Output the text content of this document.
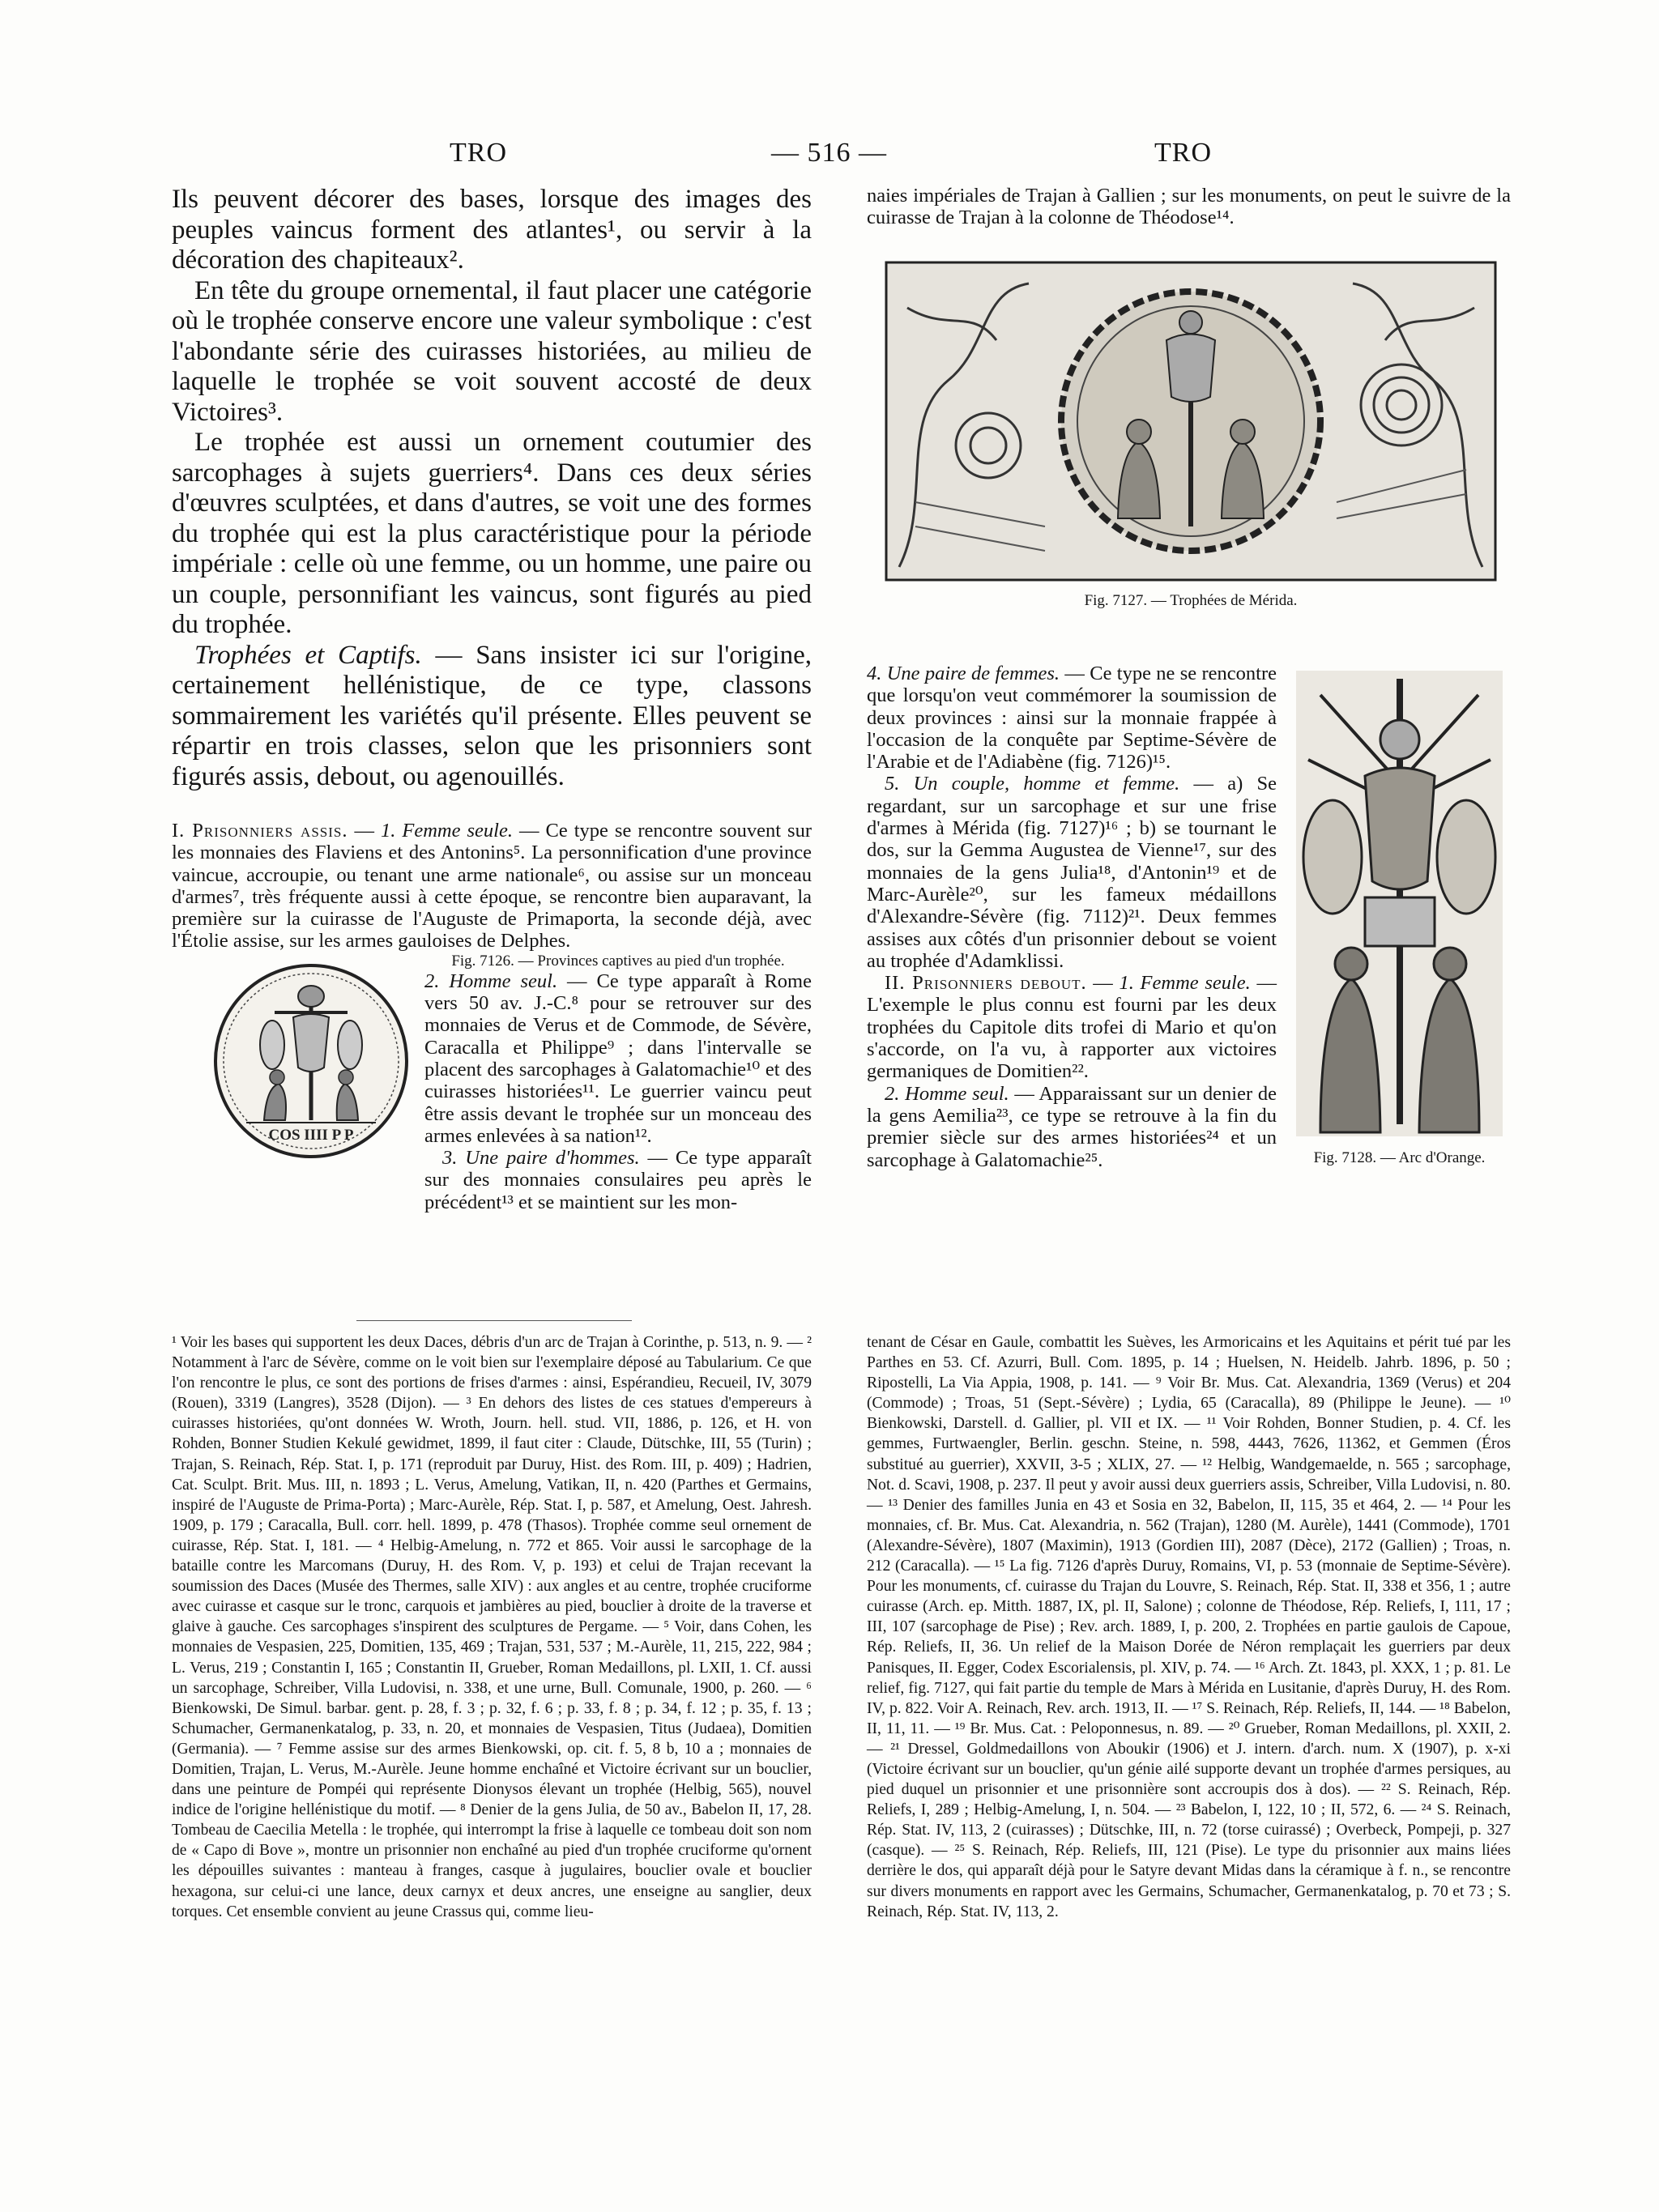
TRO	— 516 —	TRO

Ils peuvent décorer des bases, lorsque des images des peuples vaincus forment des atlantes¹, ou servir à la décoration des chapiteaux².

En tête du groupe ornemental, il faut placer une catégorie où le trophée conserve encore une valeur symbolique : c'est l'abondante série des cuirasses historiées, au milieu de laquelle le trophée se voit souvent accosté de deux Victoires³.

Le trophée est aussi un ornement coutumier des sarcophages à sujets guerriers⁴. Dans ces deux séries d'œuvres sculptées, et dans d'autres, se voit une des formes du trophée qui est la plus caractéristique pour la période impériale : celle où une femme, ou un homme, une paire ou un couple, personnifiant les vaincus, sont figurés au pied du trophée.

Trophées et Captifs. — Sans insister ici sur l'origine, certainement hellénistique, de ce type, classons sommairement les variétés qu'il présente. Elles peuvent se répartir en trois classes, selon que les prisonniers sont figurés assis, debout, ou agenouillés.

I. Prisonniers assis. — 1. Femme seule. — Ce type se rencontre souvent sur les monnaies des Flaviens et des Antonins⁵. La personnification d'une province vaincue, accroupie, ou tenant une arme nationale⁶, ou assise sur un monceau d'armes⁷, très fréquente aussi à cette époque, se rencontre bien auparavant, la première sur la cuirasse de l'Auguste de Primaporta, la seconde déjà, avec l'Étolie assise, sur les armes gauloises de Delphes.

COS IIII P P

Fig. 7126. — Provinces captives au pied d'un trophée.
2. Homme seul. — Ce type apparaît à Rome vers 50 av. J.-C.⁸ pour se retrouver sur des monnaies de Verus et de Commode, de Sévère, Caracalla et Philippe⁹ ; dans l'intervalle se placent des sarcophages à Galatomachie¹⁰ et des cuirasses historiées¹¹. Le guerrier vaincu peut être assis devant le trophée sur un monceau des armes enlevées à sa nation¹².

3. Une paire d'hommes. — Ce type apparaît sur des monnaies consulaires peu après le précédent¹³ et se maintient sur les mon-

naies impériales de Trajan à Gallien ; sur les monuments, on peut le suivre de la cuirasse de Trajan à la colonne de Théodose¹⁴.

Fig. 7127. — Trophées de Mérida.
Fig. 7128. — Arc d'Orange.

4. Une paire de femmes. — Ce type ne se rencontre que lorsqu'on veut commémorer la soumission de deux provinces : ainsi sur la monnaie frappée à l'occasion de la conquête par Septime-Sévère de l'Arabie et de l'Adiabène (fig. 7126)¹⁵.

5. Un couple, homme et femme. — a) Se regardant, sur un sarcophage et sur une frise d'armes à Mérida (fig. 7127)¹⁶ ; b) se tournant le dos, sur la Gemma Augustea de Vienne¹⁷, sur des monnaies de la gens Julia¹⁸, d'Antonin¹⁹ et de Marc-Aurèle²⁰, sur les fameux médaillons d'Alexandre-Sévère (fig. 7112)²¹. Deux femmes assises aux côtés d'un prisonnier debout se voient au trophée d'Adamklissi.

II. Prisonniers debout. — 1. Femme seule. — L'exemple le plus connu est fourni par les deux trophées du Capitole dits trofei di Mario et qu'on s'accorde, on l'a vu, à rapporter aux victoires germaniques de Domitien²².

2. Homme seul. — Apparaissant sur un denier de la gens Aemilia²³, ce type se retrouve à la fin du premier siècle sur des armes historiées²⁴ et un sarcophage à Galatomachie²⁵.

¹ Voir les bases qui supportent les deux Daces, débris d'un arc de Trajan à Corinthe, p. 513, n. 9. — ² Notamment à l'arc de Sévère, comme on le voit bien sur l'exemplaire déposé au Tabularium. Ce que l'on rencontre le plus, ce sont des portions de frises d'armes : ainsi, Espérandieu, Recueil, IV, 3079 (Rouen), 3319 (Langres), 3528 (Dijon). — ³ En dehors des listes de ces statues d'empereurs à cuirasses historiées, qu'ont données W. Wroth, Journ. hell. stud. VII, 1886, p. 126, et H. von Rohden, Bonner Studien Kekulé gewidmet, 1899, il faut citer : Claude, Dütschke, III, 55 (Turin) ; Trajan, S. Reinach, Rép. Stat. I, p. 171 (reproduit par Duruy, Hist. des Rom. III, p. 409) ; Hadrien, Cat. Sculpt. Brit. Mus. III, n. 1893 ; L. Verus, Amelung, Vatikan, II, n. 420 (Parthes et Germains, inspiré de l'Auguste de Prima-Porta) ; Marc-Aurèle, Rép. Stat. I, p. 587, et Amelung, Oest. Jahresh. 1909, p. 179 ; Caracalla, Bull. corr. hell. 1899, p. 478 (Thasos). Trophée comme seul ornement de cuirasse, Rép. Stat. I, 181. — ⁴ Helbig-Amelung, n. 772 et 865. Voir aussi le sarcophage de la bataille contre les Marcomans (Duruy, H. des Rom. V, p. 193) et celui de Trajan recevant la soumission des Daces (Musée des Thermes, salle XIV) : aux angles et au centre, trophée cruciforme avec cuirasse et casque sur le tronc, carquois et jambières au pied, bouclier à droite de la traverse et glaive à gauche. Ces sarcophages s'inspirent des sculptures de Pergame. — ⁵ Voir, dans Cohen, les monnaies de Vespasien, 225, Domitien, 135, 469 ; Trajan, 531, 537 ; M.-Aurèle, 11, 215, 222, 984 ; L. Verus, 219 ; Constantin I, 165 ; Constantin II, Grueber, Roman Medaillons, pl. LXII, 1. Cf. aussi un sarcophage, Schreiber, Villa Ludovisi, n. 338, et une urne, Bull. Comunale, 1900, p. 260. — ⁶ Bienkowski, De Simul. barbar. gent. p. 28, f. 3 ; p. 32, f. 6 ; p. 33, f. 8 ; p. 34, f. 12 ; p. 35, f. 13 ; Schumacher, Germanenkatalog, p. 33, n. 20, et monnaies de Vespasien, Titus (Judaea), Domitien (Germania). — ⁷ Femme assise sur des armes Bienkowski, op. cit. f. 5, 8 b, 10 a ; monnaies de Domitien, Trajan, L. Verus, M.-Aurèle. Jeune homme enchaîné et Victoire écrivant sur un bouclier, dans une peinture de Pompéi qui représente Dionysos élevant un trophée (Helbig, 565), nouvel indice de l'origine hellénistique du motif. — ⁸ Denier de la gens Julia, de 50 av., Babelon II, 17, 28. Tombeau de Caecilia Metella : le trophée, qui interrompt la frise à laquelle ce tombeau doit son nom de « Capo di Bove », montre un prisonnier non enchaîné au pied d'un trophée cruciforme qu'ornent les dépouilles suivantes : manteau à franges, casque à jugulaires, bouclier ovale et bouclier hexagona, sur celui-ci une lance, deux carnyx et deux ancres, une enseigne au sanglier, deux torques. Cet ensemble convient au jeune Crassus qui, comme lieu-
tenant de César en Gaule, combattit les Suèves, les Armoricains et les Aquitains et périt tué par les Parthes en 53. Cf. Azurri, Bull. Com. 1895, p. 14 ; Huelsen, N. Heidelb. Jahrb. 1896, p. 50 ; Ripostelli, La Via Appia, 1908, p. 141. — ⁹ Voir Br. Mus. Cat. Alexandria, 1369 (Verus) et 204 (Commode) ; Troas, 51 (Sept.-Sévère) ; Lydia, 65 (Caracalla), 89 (Philippe le Jeune). — ¹⁰ Bienkowski, Darstell. d. Gallier, pl. VII et IX. — ¹¹ Voir Rohden, Bonner Studien, p. 4. Cf. les gemmes, Furtwaengler, Berlin. geschn. Steine, n. 598, 4443, 7626, 11362, et Gemmen (Éros substitué au guerrier), XXVII, 3-5 ; XLIX, 27. — ¹² Helbig, Wandgemaelde, n. 565 ; sarcophage, Not. d. Scavi, 1908, p. 237. Il peut y avoir aussi deux guerriers assis, Schreiber, Villa Ludovisi, n. 80. — ¹³ Denier des familles Junia en 43 et Sosia en 32, Babelon, II, 115, 35 et 464, 2. — ¹⁴ Pour les monnaies, cf. Br. Mus. Cat. Alexandria, n. 562 (Trajan), 1280 (M. Aurèle), 1441 (Commode), 1701 (Alexandre-Sévère), 1807 (Maximin), 1913 (Gordien III), 2087 (Dèce), 2172 (Gallien) ; Troas, n. 212 (Caracalla). — ¹⁵ La fig. 7126 d'après Duruy, Romains, VI, p. 53 (monnaie de Septime-Sévère). Pour les monuments, cf. cuirasse du Trajan du Louvre, S. Reinach, Rép. Stat. II, 338 et 356, 1 ; autre cuirasse (Arch. ep. Mitth. 1887, IX, pl. II, Salone) ; colonne de Théodose, Rép. Reliefs, I, 111, 17 ; III, 107 (sarcophage de Pise) ; Rev. arch. 1889, I, p. 200, 2. Trophées en partie gaulois de Capoue, Rép. Reliefs, II, 36. Un relief de la Maison Dorée de Néron remplaçait les guerriers par deux Panisques, II. Egger, Codex Escorialensis, pl. XIV, p. 74. — ¹⁶ Arch. Zt. 1843, pl. XXX, 1 ; p. 81. Le relief, fig. 7127, qui fait partie du temple de Mars à Mérida en Lusitanie, d'après Duruy, H. des Rom. IV, p. 822. Voir A. Reinach, Rev. arch. 1913, II. — ¹⁷ S. Reinach, Rép. Reliefs, II, 144. — ¹⁸ Babelon, II, 11, 11. — ¹⁹ Br. Mus. Cat. : Peloponnesus, n. 89. — ²⁰ Grueber, Roman Medaillons, pl. XXII, 2. — ²¹ Dressel, Goldmedaillons von Aboukir (1906) et J. intern. d'arch. num. X (1907), p. x-xi (Victoire écrivant sur un bouclier, qu'un génie ailé supporte devant un trophée d'armes persiques, au pied duquel un prisonnier et une prisonnière sont accroupis dos à dos). — ²² S. Reinach, Rép. Reliefs, I, 289 ; Helbig-Amelung, I, n. 504. — ²³ Babelon, I, 122, 10 ; II, 572, 6. — ²⁴ S. Reinach, Rép. Stat. IV, 113, 2 (cuirasses) ; Dütschke, III, n. 72 (torse cuirassé) ; Overbeck, Pompeji, p. 327 (casque). — ²⁵ S. Reinach, Rép. Reliefs, III, 121 (Pise). Le type du prisonnier aux mains liées derrière le dos, qui apparaît déjà pour le Satyre devant Midas dans la céramique à f. n., se rencontre sur divers monuments en rapport avec les Germains, Schumacher, Germanenkatalog, p. 70 et 73 ; S. Reinach, Rép. Stat. IV, 113, 2.
